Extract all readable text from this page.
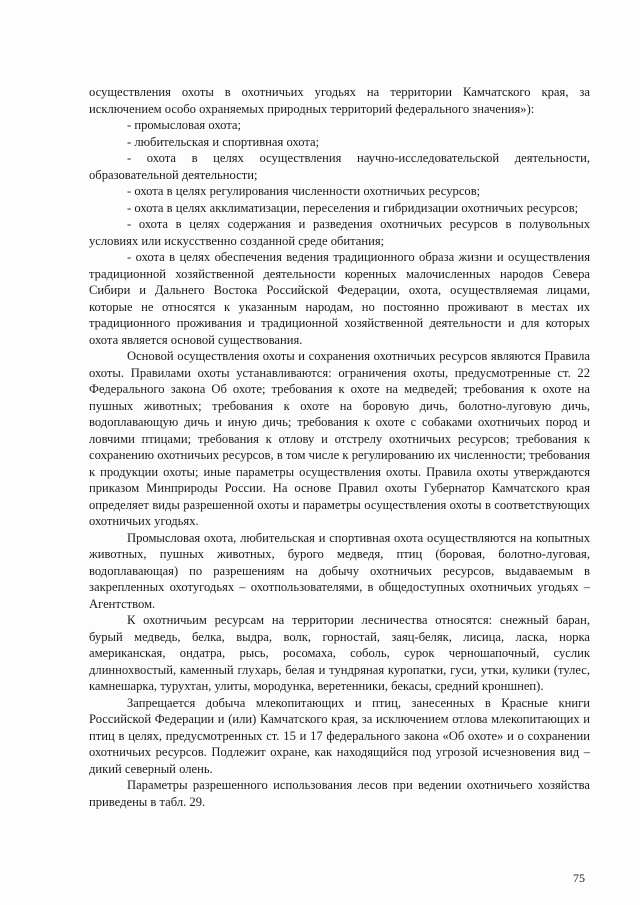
осуществления охоты в охотничьих угодьях на территории Камчатского края, за исключением особо охраняемых природных территорий федерального значения»):

- промысловая охота;

- любительская и спортивная охота;

- охота в целях осуществления научно-исследовательской деятельности, образовательной деятельности;

- охота в целях регулирования численности охотничьих ресурсов;

- охота в целях акклиматизации, переселения и гибридизации охотничьих ресурсов;

- охота в целях содержания и разведения охотничьих ресурсов в полувольных условиях или искусственно созданной среде обитания;

- охота в целях обеспечения ведения традиционного образа жизни и осуществления традиционной хозяйственной деятельности коренных малочисленных народов Севера Сибири и Дальнего Востока Российской Федерации, охота, осуществляемая лицами, которые не относятся к указанным народам, но постоянно проживают в местах их традиционного проживания и традиционной хозяйственной деятельности и для которых охота является основой существования.

Основой осуществления охоты и сохранения охотничьих ресурсов являются Правила охоты. Правилами охоты устанавливаются: ограничения охоты, предусмотренные ст. 22 Федерального закона Об охоте; требования к охоте на медведей; требования к охоте на пушных животных; требования к охоте на боровую дичь, болотно-луговую дичь, водоплавающую дичь и иную дичь; требования к охоте с собаками охотничьих пород и ловчими птицами; требования к отлову и отстрелу охотничьих ресурсов; требования к сохранению охотничьих ресурсов, в том числе к регулированию их численности; требования к продукции охоты; иные параметры осуществления охоты. Правила охоты утверждаются приказом Минприроды России. На основе Правил охоты Губернатор Камчатского края определяет виды разрешенной охоты и параметры осуществления охоты в соответствующих охотничьих угодьях.

Промысловая охота, любительская и спортивная охота осуществляются на копытных животных, пушных животных, бурого медведя, птиц (боровая, болотно-луговая, водоплавающая) по разрешениям на добычу охотничьих ресурсов, выдаваемым в закрепленных охотугодьях – охотпользователями, в общедоступных охотничьих угодьях – Агентством.

К охотничьим ресурсам на территории лесничества относятся: снежный баран, бурый медведь, белка, выдра, волк, горностай, заяц-беляк, лисица, ласка, норка американская, ондатра, рысь, росомаха, соболь, сурок черношапочный, суслик длиннохвостый, каменный глухарь, белая и тундряная куропатки, гуси, утки, кулики (тулес, камнешарка, турухтан, улиты, мородунка, веретенники, бекасы, средний кроншнеп).

Запрещается добыча млекопитающих и птиц, занесенных в Красные книги Российской Федерации и (или) Камчатского края, за исключением отлова млекопитающих и птиц в целях, предусмотренных ст. 15 и 17 федерального закона «Об охоте» и о сохранении охотничьих ресурсов. Подлежит охране, как находящийся под угрозой исчезновения вид – дикий северный олень.

Параметры разрешенного использования лесов при ведении охотничьего хозяйства приведены в табл. 29.

75
